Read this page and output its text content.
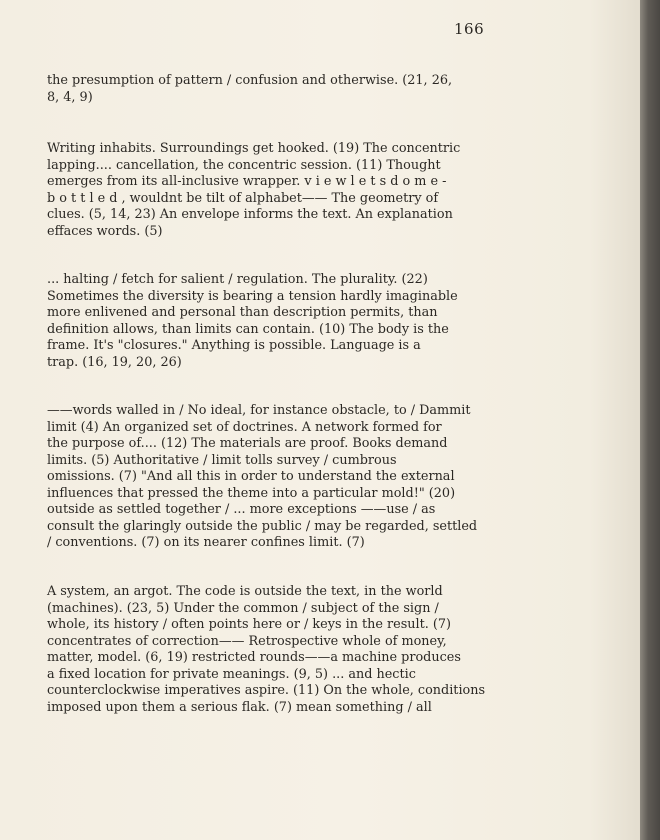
166
the presumption of pattern / confusion and otherwise. (21, 26,
8, 4, 9)
Writing inhabits. Surroundings get hooked. (19) The concentric
lapping.... cancellation, the concentric session. (11) Thought
emerges from its all-inclusive wrapper. v i e w l e t s d o m e -
b o t t l e d , wouldnt be tilt of alphabet—— The geometry of
clues. (5, 14, 23) An envelope informs the text. An explanation
effaces words. (5)
... halting / fetch for salient / regulation. The plurality. (22)
Sometimes the diversity is bearing a tension hardly imaginable
more enlivened and personal than description permits, than
definition allows, than limits can contain. (10) The body is the
frame. It's "closures." Anything is possible. Language is a
trap. (16, 19, 20, 26)
——words walled in / No ideal, for instance obstacle, to / Dammit
limit (4) An organized set of doctrines. A network formed for
the purpose of.... (12) The materials are proof. Books demand
limits. (5) Authoritative / limit tolls survey / cumbrous
omissions. (7) "And all this in order to understand the external
influences that pressed the theme into a particular mold!" (20)
outside as settled together / ... more exceptions ——use / as
consult the glaringly outside the public / may be regarded, settled
/ conventions. (7) on its nearer confines limit. (7)
A system, an argot. The code is outside the text, in the world
(machines). (23, 5) Under the common / subject of the sign /
whole, its history / often points here or / keys in the result. (7)
concentrates of correction—— Retrospective whole of money,
matter, model. (6, 19) restricted rounds——a machine produces
a fixed location for private meanings. (9, 5) ... and hectic
counterclockwise imperatives aspire. (11) On the whole, conditions
imposed upon them a serious flak. (7) mean something / all
